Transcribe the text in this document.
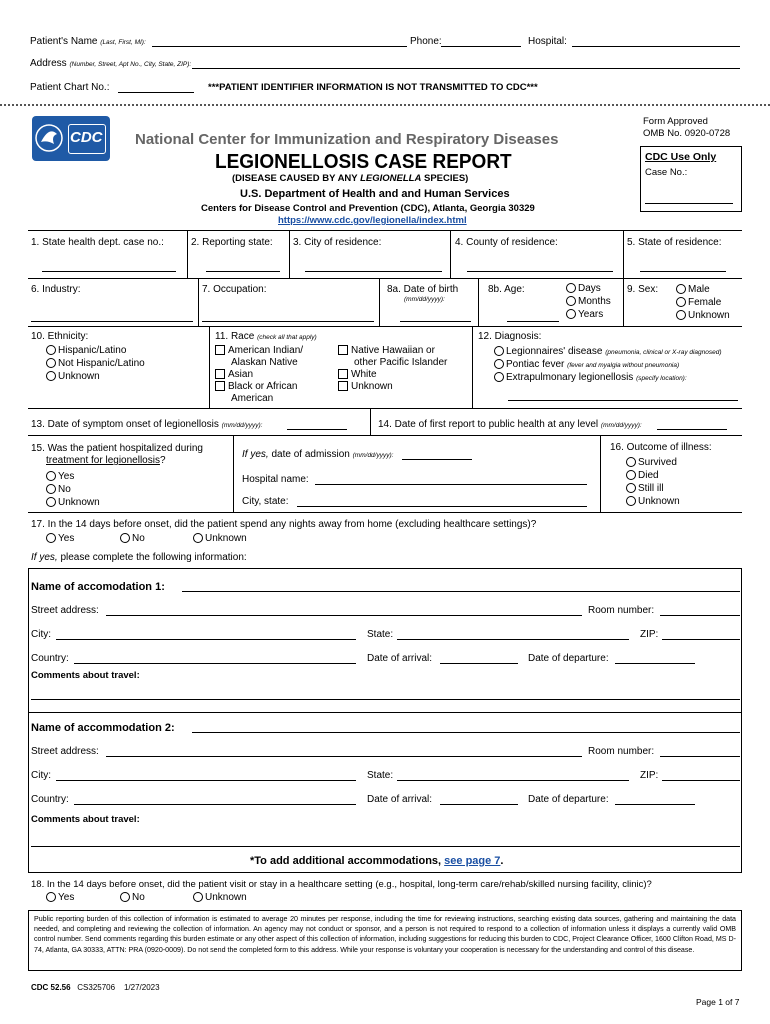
Patient's Name (Last, First, MI):	Phone:	Hospital:
Address (Number, Street, Apt No., City, State, ZIP):
Patient Chart No.:	***PATIENT IDENTIFIER INFORMATION IS NOT TRANSMITTED TO CDC***
CDC National Center for Immunization and Respiratory Diseases
LEGIONELLOSIS CASE REPORT
(DISEASE CAUSED BY ANY LEGIONELLA SPECIES)
U.S. Department of Health and and Human Services
Centers for Disease Control and Prevention (CDC), Atlanta, Georgia 30329
https://www.cdc.gov/legionella/index.html
Form Approved
OMB No. 0920-0728
CDC Use Only
Case No.:
1. State health dept. case no.:	2. Reporting state: 3. City of residence:	4. County of residence:	5. State of residence:
6. Industry:	7. Occupation:	8a. Date of birth
(mm/dd/yyyy):
8b. Age:	Days
Months
Years
9. Sex:	Male
Female
Unknown
10. Ethnicity:
Hispanic/Latino
Not Hispanic/Latino
Unknown
11. Race (check all that apply)
American Indian/
Alaskan Native
Asian
Black or African
American
Native Hawaiian or
other Pacific Islander
White
Unknown
12. Diagnosis:
Legionnaires' disease (pneumonia, clinical or X-ray diagnosed)
Pontiac fever (fever and myalgia without pneumonia)
Extrapulmonary legionellosis (specify location):
13. Date of symptom onset of legionellosis (mm/dd/yyyy):	14. Date of first report to public health at any level (mm/dd/yyyy):
15. Was the patient hospitalized during
treatment for legionellosis?
Yes
No
Unknown
If yes, date of admission (mm/dd/yyyy):
Hospital name:
City, state:
16. Outcome of illness:
Survived
Died
Still ill
Unknown
17. In the 14 days before onset, did the patient spend any nights away from home (excluding healthcare settings)?
Yes	No	Unknown
If yes, please complete the following information:
Name of accomodation 1:
Street address:	Room number:
City:	State:	ZIP:
Country:	Date of arrival:	Date of departure:
Comments about travel:
Name of accommodation 2:
Street address:	Room number:
City:	State:	ZIP:
Country:	Date of arrival:	Date of departure:
Comments about travel:
*To add additional accommodations, see page 7.
18. In the 14 days before onset, did the patient visit or stay in a healthcare setting (e.g., hospital, long-term care/rehab/skilled nursing facility, clinic)?
Yes	No	Unknown
Public reporting burden of this collection of information is estimated to average 20 minutes per response, including the time for reviewing instructions, searching existing data sources, gathering and maintaining the data needed, and completing and reviewing the collection of information. An agency may not conduct or sponsor, and a person is not required to respond to a collection of information unless it displays a currently valid OMB control number. Send comments regarding this burden estimate or any other aspect of this collection of information, including suggestions for reducing this burden to CDC, Project Clearance Officer, 1600 Clifton Road, MS D-74, Atlanta, GA 30333, ATTN: PRA (0920-0009). Do not send the completed form to this address. While your response is voluntary your cooperation is necessary for the understanding and control of this disease.
CDC 52.56 CS325706 1/27/2023
Page 1 of 7
